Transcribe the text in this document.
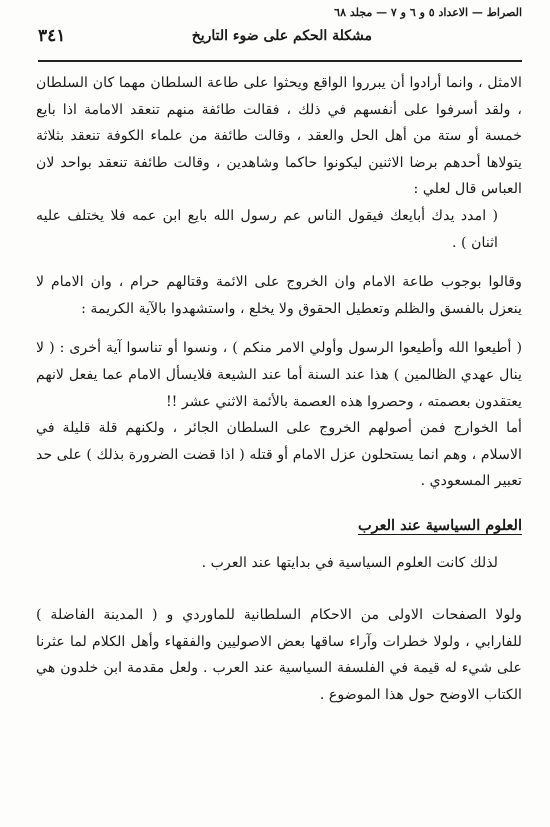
الصراط — الاعداد ٥ و ٦ و ٧ — مجلد ٦٨
مشكلة الحكم على ضوء التاريخ
٣٤١

الامثل ، وانما أرادوا أن يبرروا الواقع ويحثوا على طاعة السلطان مهما كان السلطان ، ولقد أسرفوا على أنفسهم في ذلك ، فقالت طائفة منهم تنعقد الامامة اذا بايع خمسة أو ستة من أهل الحل والعقد ، وقالت طائفة من علماء الكوفة تنعقد بثلاثة يتولاها أحدهم برضا الاثنين ليكونوا حاكما وشاهدين ، وقالت طائفة تنعقد بواحد لان العباس قال لعلي :

( امدد يدك أبايعك فيقول الناس عم رسول الله بايع ابن عمه فلا يختلف عليه اثنان ) .

وقالوا بوجوب طاعة الامام وان الخروج على الائمة وقتالهم حرام ، وان الامام لا ينعزل بالفسق والظلم وتعطيل الحقوق ولا يخلع ، واستشهدوا بالآية الكريمة :

( أطيعوا الله وأطيعوا الرسول وأولي الامر منكم ) ، ونسوا أو تناسوا آية أخرى : ( لا ينال عهدي الظالمين ) هذا عند السنة أما عند الشيعة فلايسأل الامام عما يفعل لانهم يعتقدون بعصمته ، وحصروا هذه العصمة بالأئمة الاثني عشر !!

أما الخوارج فمن أصولهم الخروج على السلطان الجائر ، ولكنهم قلة قليلة في الاسلام ، وهم انما يستحلون عزل الامام أو قتله ( اذا قضت الضرورة بذلك ) على حد تعبير المسعودي .

العلوم السياسية عند العرب

لذلك كانت العلوم السياسية في بدايتها عند العرب .

ولولا الصفحات الاولى من الاحكام السلطانية للماوردي و ( المدينة الفاضلة ) للفارابي ، ولولا خطرات وآراء ساقها بعض الاصوليين والفقهاء وأهل الكلام لما عثرنا على شيء له قيمة في الفلسفة السياسية عند العرب . ولعل مقدمة ابن خلدون هي الكتاب الاوضح حول هذا الموضوع .
